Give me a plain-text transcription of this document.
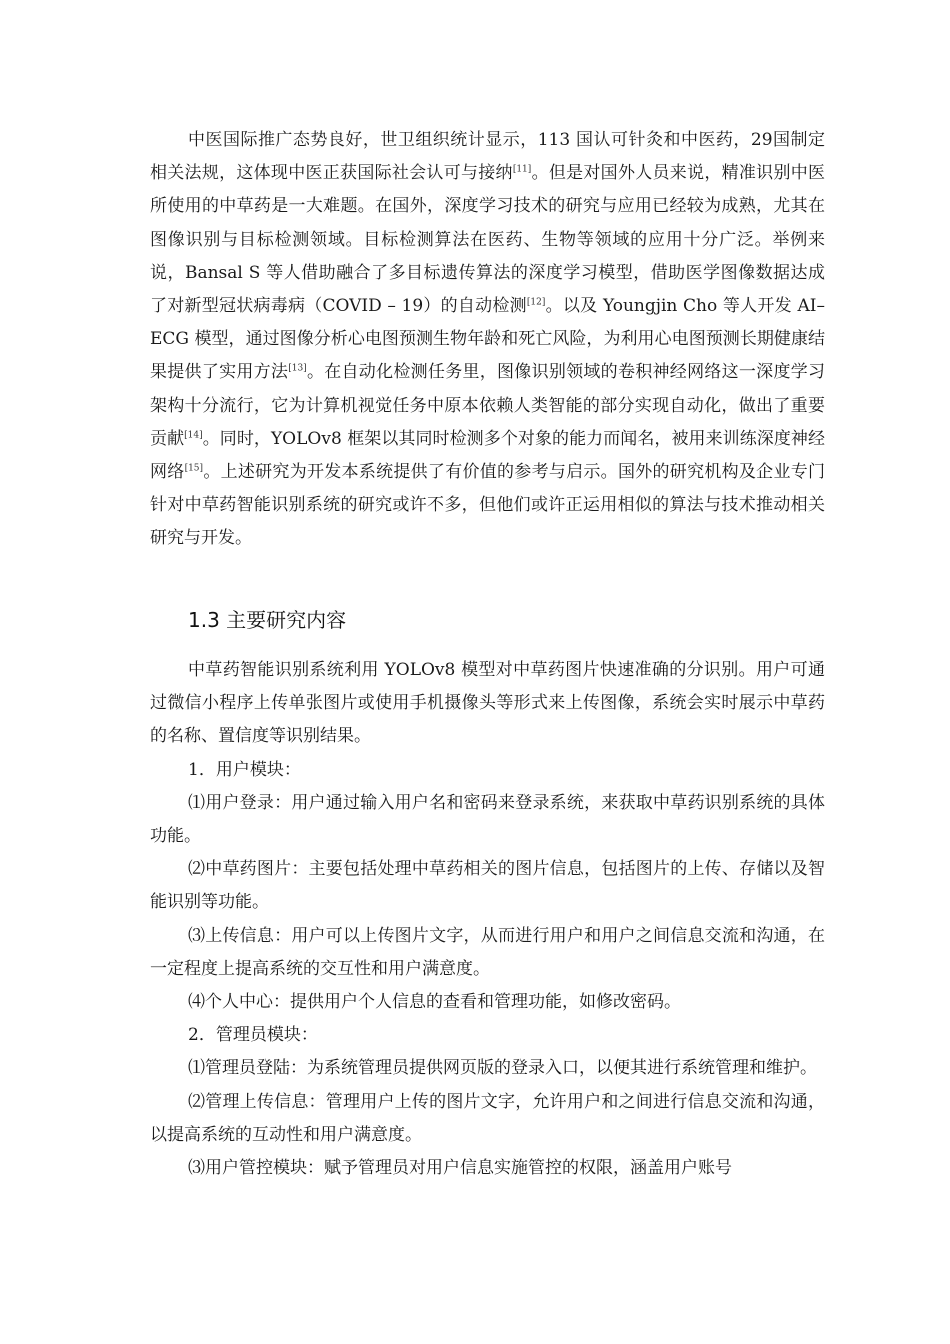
中医国际推广态势良好，世卫组织统计显示，113 国认可针灸和中医药，29国制定相关法规，这体现中医正获国际社会认可与接纳[11]。但是对国外人员来说，精准识别中医所使用的中草药是一大难题。在国外，深度学习技术的研究与应用已经较为成熟，尤其在图像识别与目标检测领域。目标检测算法在医药、生物等领域的应用十分广泛。举例来说，Bansal S 等人借助融合了多目标遗传算法的深度学习模型，借助医学图像数据达成了对新型冠状病毒病（COVID – 19）的自动检测[12]。以及 Youngjin Cho 等人开发 AI–ECG 模型，通过图像分析心电图预测生物年龄和死亡风险，为利用心电图预测长期健康结果提供了实用方法[13]。在自动化检测任务里，图像识别领域的卷积神经网络这一深度学习架构十分流行，它为计算机视觉任务中原本依赖人类智能的部分实现自动化，做出了重要贡献[14]。同时，YOLOv8 框架以其同时检测多个对象的能力而闻名，被用来训练深度神经网络[15]。上述研究为开发本系统提供了有价值的参考与启示。国外的研究机构及企业专门针对中草药智能识别系统的研究或许不多，但他们或许正运用相似的算法与技术推动相关研究与开发。

1.3 主要研究内容

中草药智能识别系统利用 YOLOv8 模型对中草药图片快速准确的分识别。用户可通过微信小程序上传单张图片或使用手机摄像头等形式来上传图像，系统会实时展示中草药的名称、置信度等识别结果。

1．用户模块：

⑴用户登录：用户通过输入用户名和密码来登录系统，来获取中草药识别系统的具体功能。

⑵中草药图片：主要包括处理中草药相关的图片信息，包括图片的上传、存储以及智能识别等功能。

⑶上传信息：用户可以上传图片文字，从而进行用户和用户之间信息交流和沟通，在一定程度上提高系统的交互性和用户满意度。

⑷个人中心：提供用户个人信息的查看和管理功能，如修改密码。

2．管理员模块：

⑴管理员登陆：为系统管理员提供网页版的登录入口，以便其进行系统管理和维护。

⑵管理上传信息：管理用户上传的图片文字，允许用户和之间进行信息交流和沟通，以提高系统的互动性和用户满意度。

⑶用户管控模块：赋予管理员对用户信息实施管控的权限，涵盖用户账号
